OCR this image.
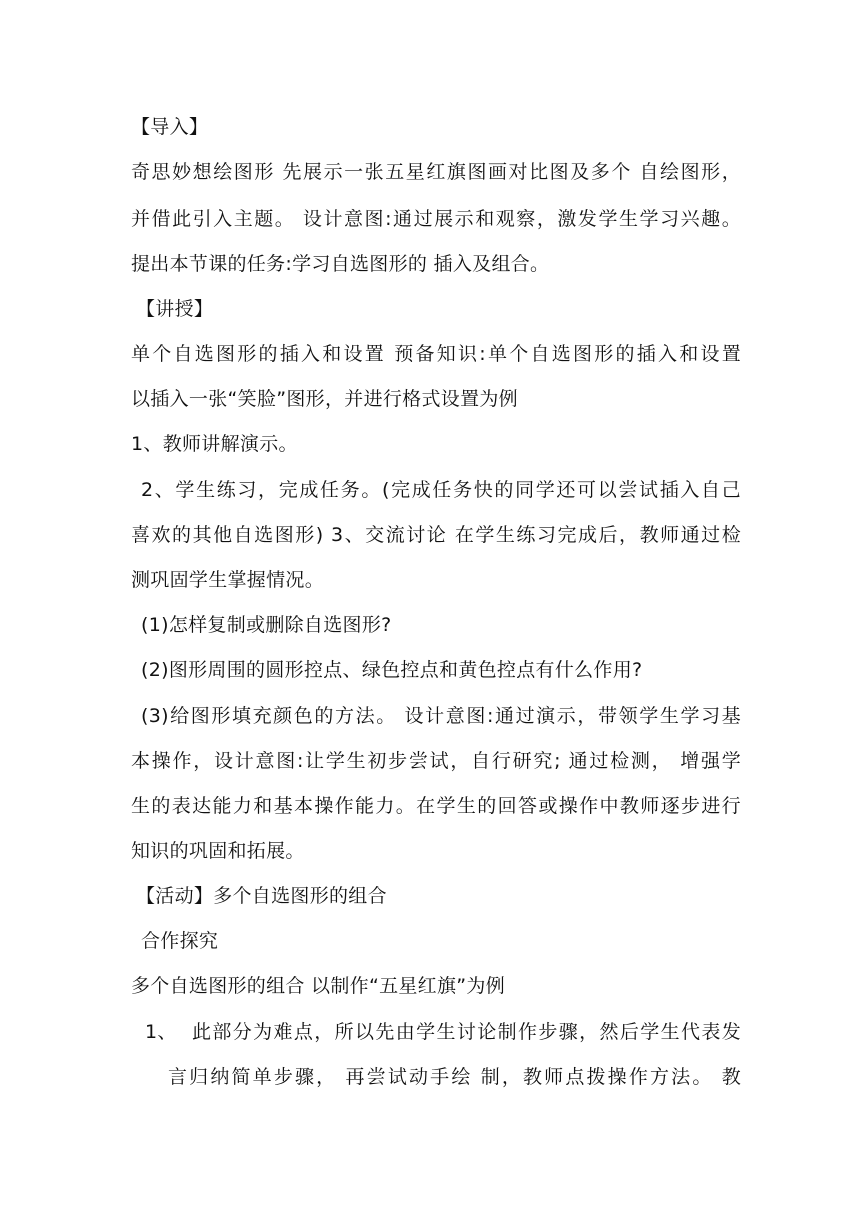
【导入】
奇思妙想绘图形 先展示一张五星红旗图画对比图及多个 自绘图形，
并借此引入主题。 设计意图:通过展示和观察，激发学生学习兴趣。
提出本节课的任务:学习自选图形的 插入及组合。
【讲授】
单个自选图形的插入和设置 预备知识:单个自选图形的插入和设置
以插入一张“笑脸”图形，并进行格式设置为例
1、教师讲解演示。
2、学生练习，完成任务。(完成任务快的同学还可以尝试插入自己
喜欢的其他自选图形) 3、交流讨论 在学生练习完成后，教师通过检
测巩固学生掌握情况。
(1)怎样复制或删除自选图形?
(2)图形周围的圆形控点、绿色控点和黄色控点有什么作用?
(3)给图形填充颜色的方法。 设计意图:通过演示，带领学生学习基
本操作，设计意图:让学生初步尝试，自行研究; 通过检测， 增强学
生的表达能力和基本操作能力。在学生的回答或操作中教师逐步进行
知识的巩固和拓展。
【活动】多个自选图形的组合
合作探究
多个自选图形的组合 以制作“五星红旗”为例
1、 此部分为难点，所以先由学生讨论制作步骤，然后学生代表发
言归纳简单步骤， 再尝试动手绘 制，教师点拨操作方法。 教
